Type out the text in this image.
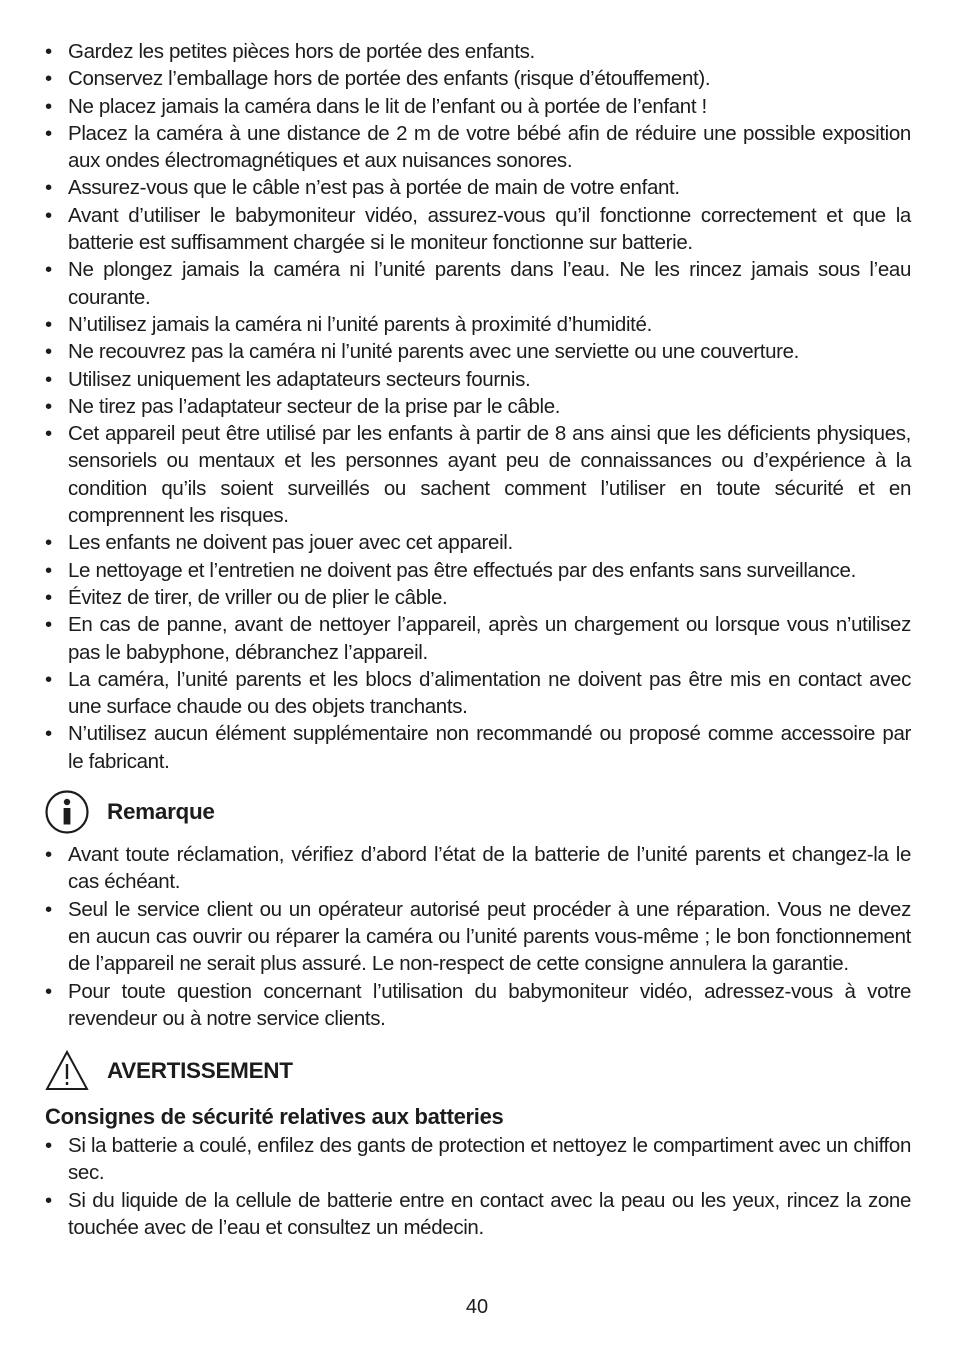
• Gardez les petites pièces hors de portée des enfants.
• Conservez l’emballage hors de portée des enfants (risque d’étouffement).
• Ne placez jamais la caméra dans le lit de l’enfant ou à portée de l’enfant !
• Placez la caméra à une distance de 2 m de votre bébé afin de réduire une possible exposition aux ondes électromagnétiques et aux nuisances sonores.
• Assurez-vous que le câble n’est pas à portée de main de votre enfant.
• Avant d’utiliser le babymoniteur vidéo, assurez-vous qu’il fonctionne correctement et que la batterie est suffisamment chargée si le moniteur fonctionne sur batterie.
• Ne plongez jamais la caméra ni l’unité parents dans l’eau. Ne les rincez jamais sous l’eau courante.
• N’utilisez jamais la caméra ni l’unité parents à proximité d’humidité.
• Ne recouvrez pas la caméra ni l’unité parents avec une serviette ou une couverture.
• Utilisez uniquement les adaptateurs secteurs fournis.
• Ne tirez pas l’adaptateur secteur de la prise par le câble.
• Cet appareil peut être utilisé par les enfants à partir de 8 ans ainsi que les déficients physiques, sensoriels ou mentaux et les personnes ayant peu de connaissances ou d’expérience à la condition qu’ils soient surveillés ou sachent comment l’utiliser en toute sécurité et en comprennent les risques.
• Les enfants ne doivent pas jouer avec cet appareil.
• Le nettoyage et l’entretien ne doivent pas être effectués par des enfants sans surveillance.
• Évitez de tirer, de vriller ou de plier le câble.
• En cas de panne, avant de nettoyer l’appareil, après un chargement ou lorsque vous n’utilisez pas le babyphone, débranchez l’appareil.
• La caméra, l’unité parents et les blocs d’alimentation ne doivent pas être mis en contact avec une surface chaude ou des objets tranchants.
• N’utilisez aucun élément supplémentaire non recommandé ou proposé comme accessoire par le fabricant.
Remarque
• Avant toute réclamation, vérifiez d’abord l’état de la batterie de l’unité parents et changez-la le cas échéant.
• Seul le service client ou un opérateur autorisé peut procéder à une réparation. Vous ne devez en aucun cas ouvrir ou réparer la caméra ou l’unité parents vous-même ; le bon fonctionnement de l’appareil ne serait plus assuré. Le non-respect de cette consigne annulera la garantie.
• Pour toute question concernant l’utilisation du babymoniteur vidéo, adressez-vous à votre revendeur ou à notre service clients.
AVERTISSEMENT
Consignes de sécurité relatives aux batteries
• Si la batterie a coulé, enfilez des gants de protection et nettoyez le compartiment avec un chiffon sec.
• Si du liquide de la cellule de batterie entre en contact avec la peau ou les yeux, rincez la zone touchée avec de l’eau et consultez un médecin.
40
